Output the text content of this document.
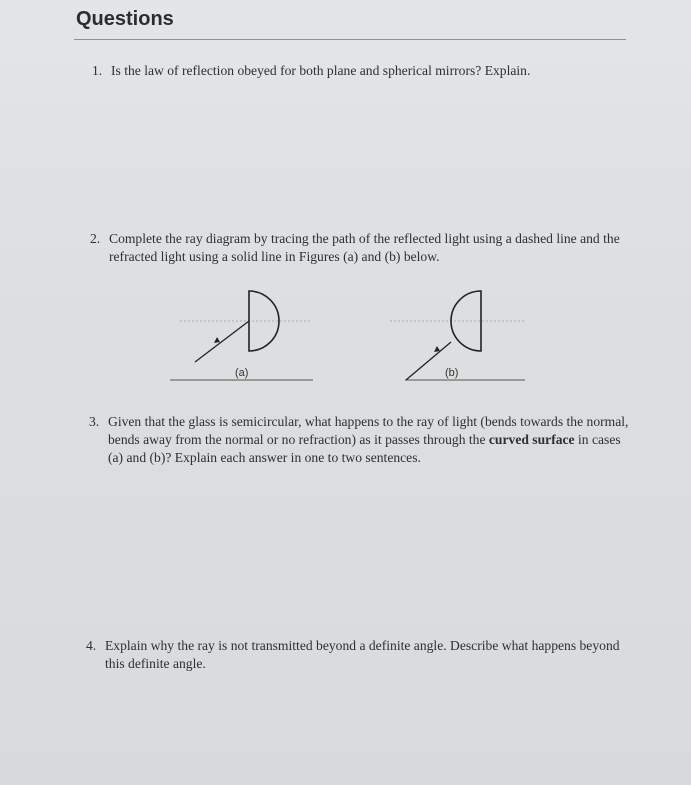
Questions
1. Is the law of reflection obeyed for both plane and spherical mirrors? Explain.
2. Complete the ray diagram by tracing the path of the reflected light using a dashed line and the refracted light using a solid line in Figures (a) and (b) below.
(a)	(b)
3. Given that the glass is semicircular, what happens to the ray of light (bends towards the normal, bends away from the normal or no refraction) as it passes through the curved surface in cases (a) and (b)? Explain each answer in one to two sentences.
4. Explain why the ray is not transmitted beyond a definite angle. Describe what happens beyond this definite angle.
